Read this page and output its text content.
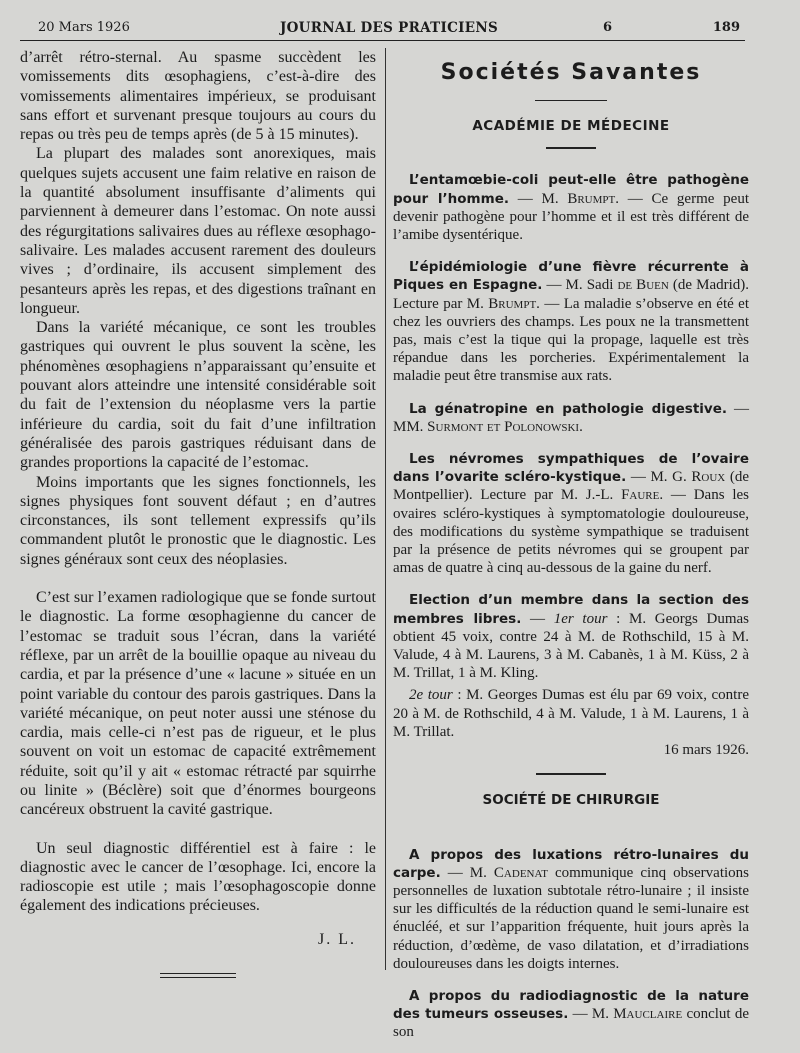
20 Mars 1926	JOURNAL DES PRATICIENS	6	189

d’arrêt rétro-sternal. Au spasme succèdent les vomissements dits œsophagiens, c’est-à-dire des vomissements alimentaires impérieux, se produisant sans effort et survenant presque toujours au cours du repas ou très peu de temps après (de 5 à 15 minutes).

La plupart des malades sont anorexiques, mais quelques sujets accusent une faim relative en raison de la quantité absolument insuffisante d’aliments qui parviennent à demeurer dans l’estomac. On note aussi des régurgitations salivaires dues au réflexe œsophago-salivaire. Les malades accusent rarement des douleurs vives ; d’ordinaire, ils accusent simplement des pesanteurs après les repas, et des digestions traînant en longueur.

Dans la variété mécanique, ce sont les troubles gastriques qui ouvrent le plus souvent la scène, les phénomènes œsophagiens n’apparaissant qu’ensuite et pouvant alors atteindre une intensité considérable soit du fait de l’extension du néoplasme vers la partie inférieure du cardia, soit du fait d’une infiltration généralisée des parois gastriques réduisant dans de grandes proportions la capacité de l’estomac.

Moins importants que les signes fonctionnels, les signes physiques font souvent défaut ; en d’autres circonstances, ils sont tellement expressifs qu’ils commandent plutôt le pronostic que le diagnostic. Les signes généraux sont ceux des néoplasies.

C’est sur l’examen radiologique que se fonde surtout le diagnostic. La forme œsophagienne du cancer de l’estomac se traduit sous l’écran, dans la variété réflexe, par un arrêt de la bouillie opaque au niveau du cardia, et par la présence d’une « lacune » située en un point variable du contour des parois gastriques. Dans la variété mécanique, on peut noter aussi une sténose du cardia, mais celle-ci n’est pas de rigueur, et le plus souvent on voit un estomac de capacité extrêmement réduite, soit qu’il y ait « estomac rétracté par squirrhe ou linite » (Béclère) soit que d’énormes bourgeons cancéreux obstruent la cavité gastrique.

Un seul diagnostic différentiel est à faire : le diagnostic avec le cancer de l’œsophage. Ici, encore la radioscopie est utile ; mais l’œsophagoscopie donne également des indications précieuses.

J. L.

Sociétés Savantes
ACADÉMIE DE MÉDECINE

L’entamœbie-coli peut-elle être pathogène pour l’homme. — M. Brumpt. — Ce germe peut devenir pathogène pour l’homme et il est très différent de l’amibe dysentérique.

L’épidémiologie d’une fièvre récurrente à Piques en Espagne. — M. Sadi de Buen (de Madrid). Lecture par M. Brumpt. — La maladie s’observe en été et chez les ouvriers des champs. Les poux ne la transmettent pas, mais c’est la tique qui la propage, laquelle est très répandue dans les porcheries. Expérimentalement la maladie peut être transmise aux rats.

La génatropine en pathologie digestive. — MM. Surmont et Polonowski.

Les névromes sympathiques de l’ovaire dans l’ovarite scléro-kystique. — M. G. Roux (de Montpellier). Lecture par M. J.-L. Faure. — Dans les ovaires scléro-kystiques à symptomatologie douloureuse, des modifications du système sympathique se traduisent par la présence de petits névromes qui se groupent par amas de quatre à cinq au-dessous de la gaine du nerf.

Election d’un membre dans la section des membres libres. — 1er tour : M. Georgs Dumas obtient 45 voix, contre 24 à M. de Rothschild, 15 à M. Valude, 4 à M. Laurens, 3 à M. Cabanès, 1 à M. Küss, 2 à M. Trillat, 1 à M. Kling.

2e tour : M. Georges Dumas est élu par 69 voix, contre 20 à M. de Rothschild, 4 à M. Valude, 1 à M. Laurens, 1 à M. Trillat.

16 mars 1926.

SOCIÉTÉ DE CHIRURGIE

A propos des luxations rétro-lunaires du carpe. — M. Cadenat communique cinq observations personnelles de luxation subtotale rétro-lunaire ; il insiste sur les difficultés de la réduction quand le semi-lunaire est énucléé, et sur l’apparition fréquente, huit jours après la réduction, d’œdème, de vaso dilatation, et d’irradiations douloureuses dans les doigts internes.

A propos du radiodiagnostic de la nature des tumeurs osseuses. — M. Mauclaire conclut de son
